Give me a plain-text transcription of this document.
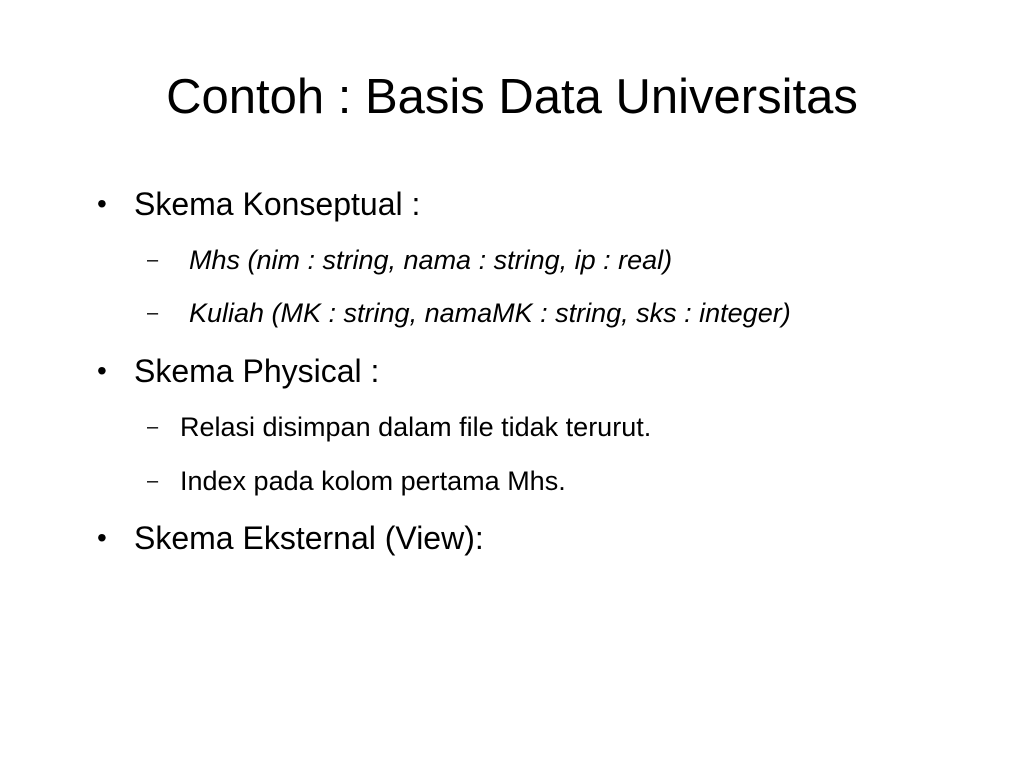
Contoh : Basis Data Universitas
• Skema Konseptual :
– Mhs (nim : string, nama : string, ip : real)
– Kuliah (MK : string, namaMK : string, sks : integer)
• Skema Physical :
– Relasi disimpan dalam file tidak terurut.
– Index pada kolom pertama Mhs.
• Skema Eksternal (View):
